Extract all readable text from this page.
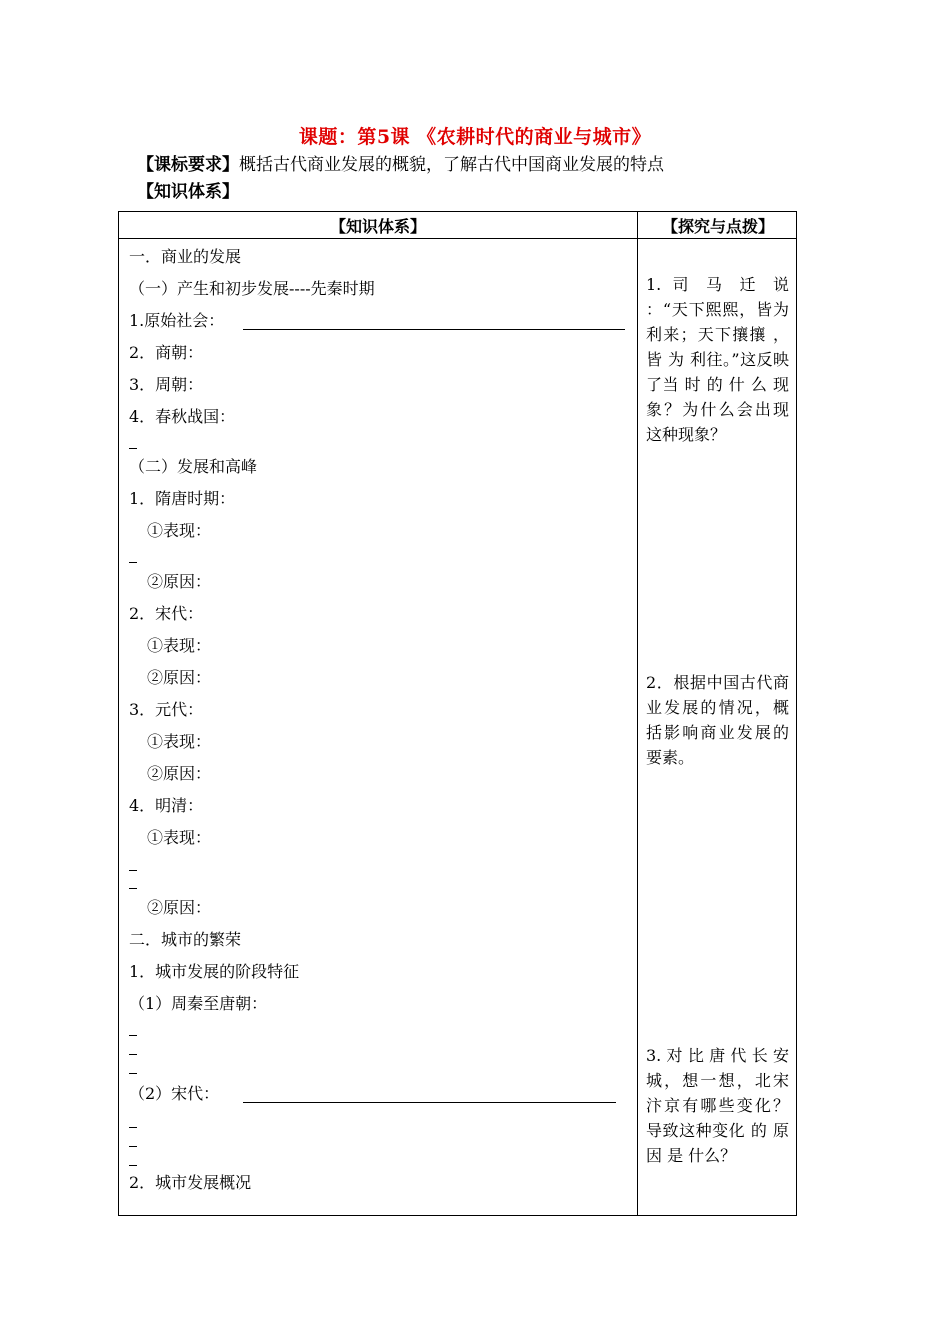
课题：第5课 《农耕时代的商业与城市》
【课标要求】概括古代商业发展的概貌，了解古代中国商业发展的特点
【知识体系】
【知识体系】	【探究与点拨】
一．商业的发展
（一）产生和初步发展----先秦时期
1.原始社会：
2．商朝：
3．周朝：
4．春秋战国：
（二）发展和高峰
1．隋唐时期：
①表现：
②原因：
2．宋代：
①表现：
②原因：
3．元代：
①表现：
②原因：
4．明清：
①表现：
②原因：
二．城市的繁荣
1．城市发展的阶段特征
（1）周秦至唐朝：
（2）宋代：
2．城市发展概况
1. 司 马 迁 说 ：“天下熙熙，皆为利来；天下攘攘 ， 皆 为 利往。”这反映了当 时 的 什 么 现象？为什么会出现这种现象？
2．根据中国古代商业发展的情况，概括影响商业发展的要素。
3.对比唐代长安城，想一想，北宋汴京有哪些变化？导致这种变化 的 原 因 是 什么？
